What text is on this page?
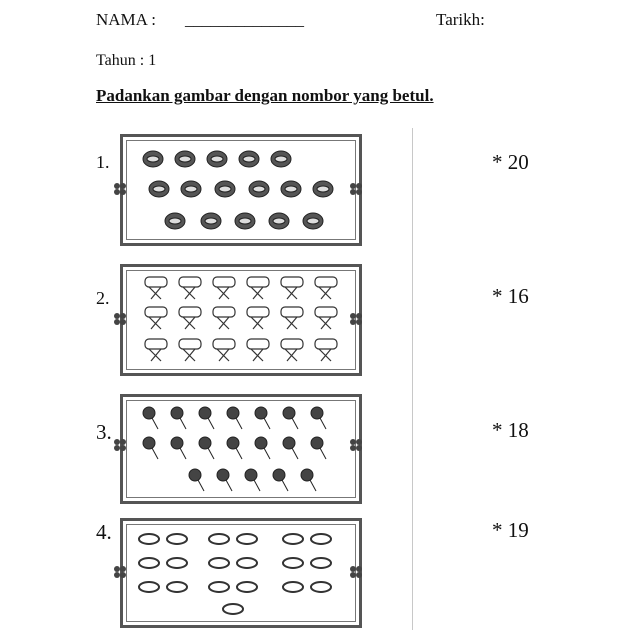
NAMA : ______________	Tarikh:
Tahun : 1
Padankan gambar dengan nombor yang betul.
1.
2.
3.
4.
* 20
* 16
* 18
* 19
